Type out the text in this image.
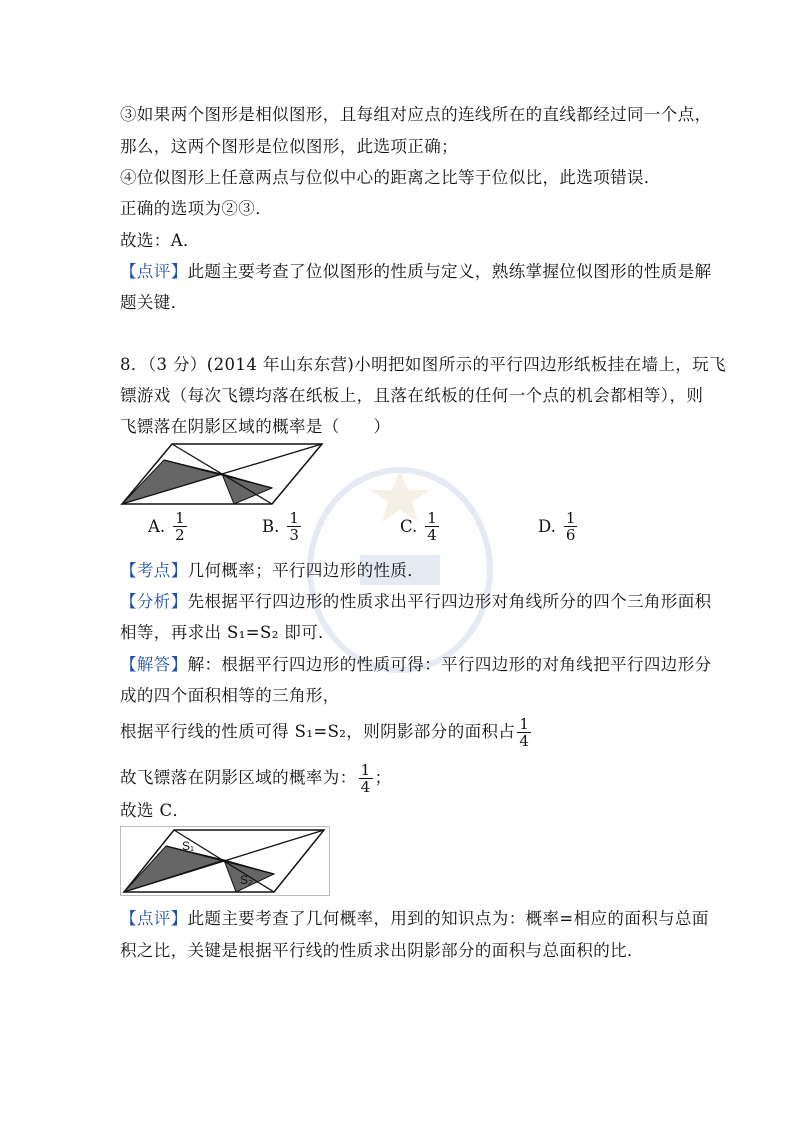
③如果两个图形是相似图形，且每组对应点的连线所在的直线都经过同一个点，
那么，这两个图形是位似图形，此选项正确；
④位似图形上任意两点与位似中心的距离之比等于位似比，此选项错误．
正确的选项为②③．
故选：A．
【点评】此题主要考查了位似图形的性质与定义，熟练掌握位似图形的性质是解
题关键．
8．（3 分）(2014 年山东东营)小明把如图所示的平行四边形纸板挂在墙上，玩飞
镖游戏（每次飞镖均落在纸板上，且落在纸板的任何一个点的机会都相等），则
飞镖落在阴影区域的概率是（　　）
A. $\frac{1}{2}$	B. $\frac{1}{3}$	C. $\frac{1}{4}$	D. $\frac{1}{6}$
【考点】几何概率；平行四边形的性质．
【分析】先根据平行四边形的性质求出平行四边形对角线所分的四个三角形面积
相等，再求出 S₁=S₂ 即可．
【解答】解：根据平行四边形的性质可得：平行四边形的对角线把平行四边形分
成的四个面积相等的三角形，
根据平行线的性质可得 S₁=S₂，则阴影部分的面积占 $\frac{1}{4}$
故飞镖落在阴影区域的概率为： $\frac{1}{4}$ ；
故选 C．
S₁
S₂
【点评】此题主要考查了几何概率，用到的知识点为：概率=相应的面积与总面
积之比，关键是根据平行线的性质求出阴影部分的面积与总面积的比．
